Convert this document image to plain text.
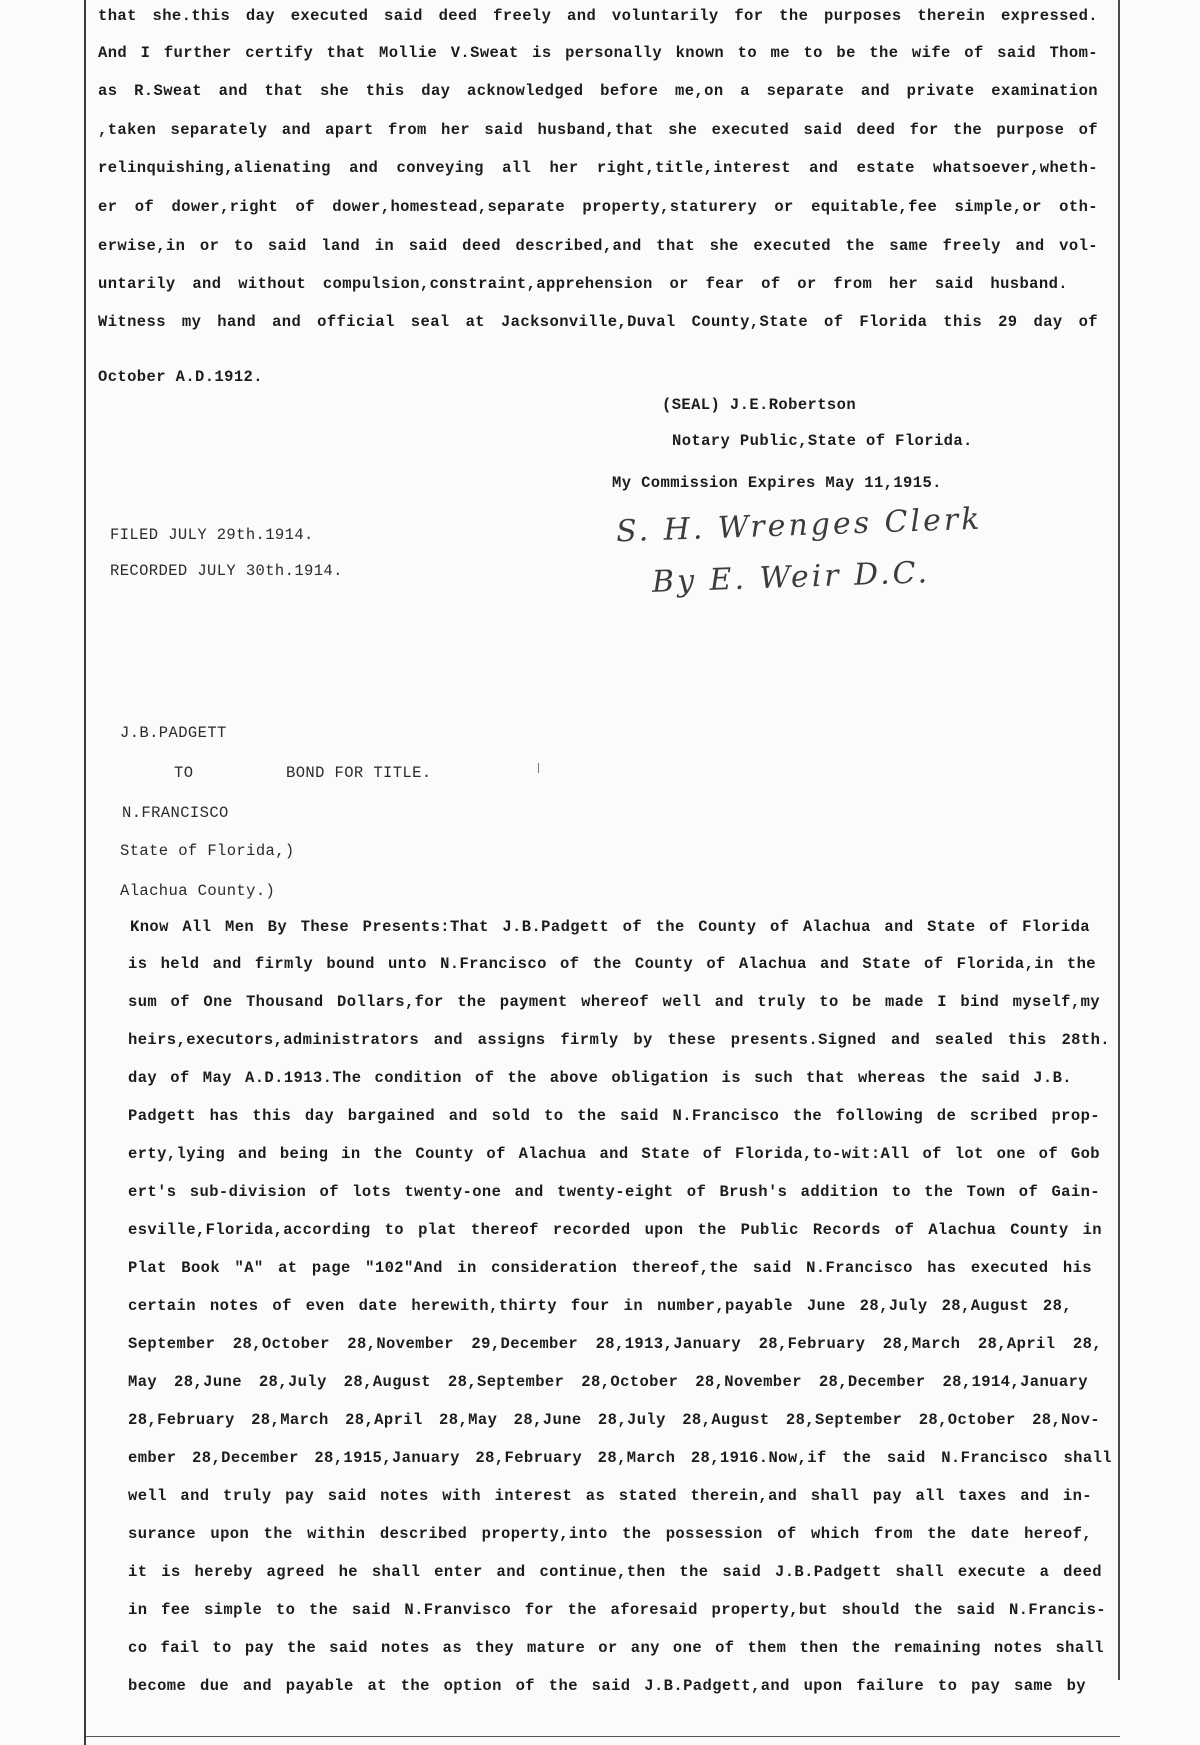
that she.this day executed said deed freely and voluntarily for the purposes therein expressed.
And I further certify that Mollie V.Sweat is personally known to me to be the wife of said Thom-
as R.Sweat and that she this day acknowledged before me,on a separate and private examination
,taken separately and apart from her said husband,that she executed said deed for the purpose of
relinquishing,alienating and conveying all her right,title,interest and estate whatsoever,wheth-
er of dower,right of dower,homestead,separate property,staturery or equitable,fee simple,or oth-
erwise,in or to said land in said deed described,and that she executed the same freely and vol-
untarily and without compulsion,constraint,apprehension or fear of or from her said husband.
Witness my hand and official seal at Jacksonville,Duval County,State of Florida this 29 day of
October A.D.1912.
(SEAL) J.E.Robertson
Notary Public,State of Florida.
My Commission Expires May 11,1915.
FILED JULY 29th.1914.
RECORDED JULY 30th.1914.
S. H. Wrenges Clerk
By E. Weir D.C.
J.B.PADGETT
TO	BOND FOR TITLE.
N.FRANCISCO
State of Florida,)
Alachua County.)
Know All Men By These Presents:That J.B.Padgett of the County of Alachua and State of Florida
is held and firmly bound unto N.Francisco of the County of Alachua and State of Florida,in the
sum of One Thousand Dollars,for the payment whereof well and truly to be made I bind myself,my
heirs,executors,administrators and assigns firmly by these presents.Signed and sealed this 28th.
day of May A.D.1913.The condition of the above obligation is such that whereas the said J.B.
Padgett has this day bargained and sold to the said N.Francisco the following de scribed prop-
erty,lying and being in the County of Alachua and State of Florida,to-wit:All of lot one of Gob
ert's sub-division of lots twenty-one and twenty-eight of Brush's addition to the Town of Gain-
esville,Florida,according to plat thereof recorded upon the Public Records of Alachua County in
Plat Book "A" at page "102"And in consideration thereof,the said N.Francisco has executed his
certain notes of even date herewith,thirty four in number,payable June 28,July 28,August 28,
September 28,October 28,November 29,December 28,1913,January 28,February 28,March 28,April 28,
May 28,June 28,July 28,August 28,September 28,October 28,November 28,December 28,1914,January
28,February 28,March 28,April 28,May 28,June 28,July 28,August 28,September 28,October 28,Nov-
ember 28,December 28,1915,January 28,February 28,March 28,1916.Now,if the said N.Francisco shall
well and truly pay said notes with interest as stated therein,and shall pay all taxes and in-
surance upon the within described property,into the possession of which from the date hereof,
it is hereby agreed he shall enter and continue,then the said J.B.Padgett shall execute a deed
in fee simple to the said N.Franvisco for the aforesaid property,but should the said N.Francis-
co fail to pay the said notes as they mature or any one of them then the remaining notes shall
become due and payable at the option of the said J.B.Padgett,and upon failure to pay same by
